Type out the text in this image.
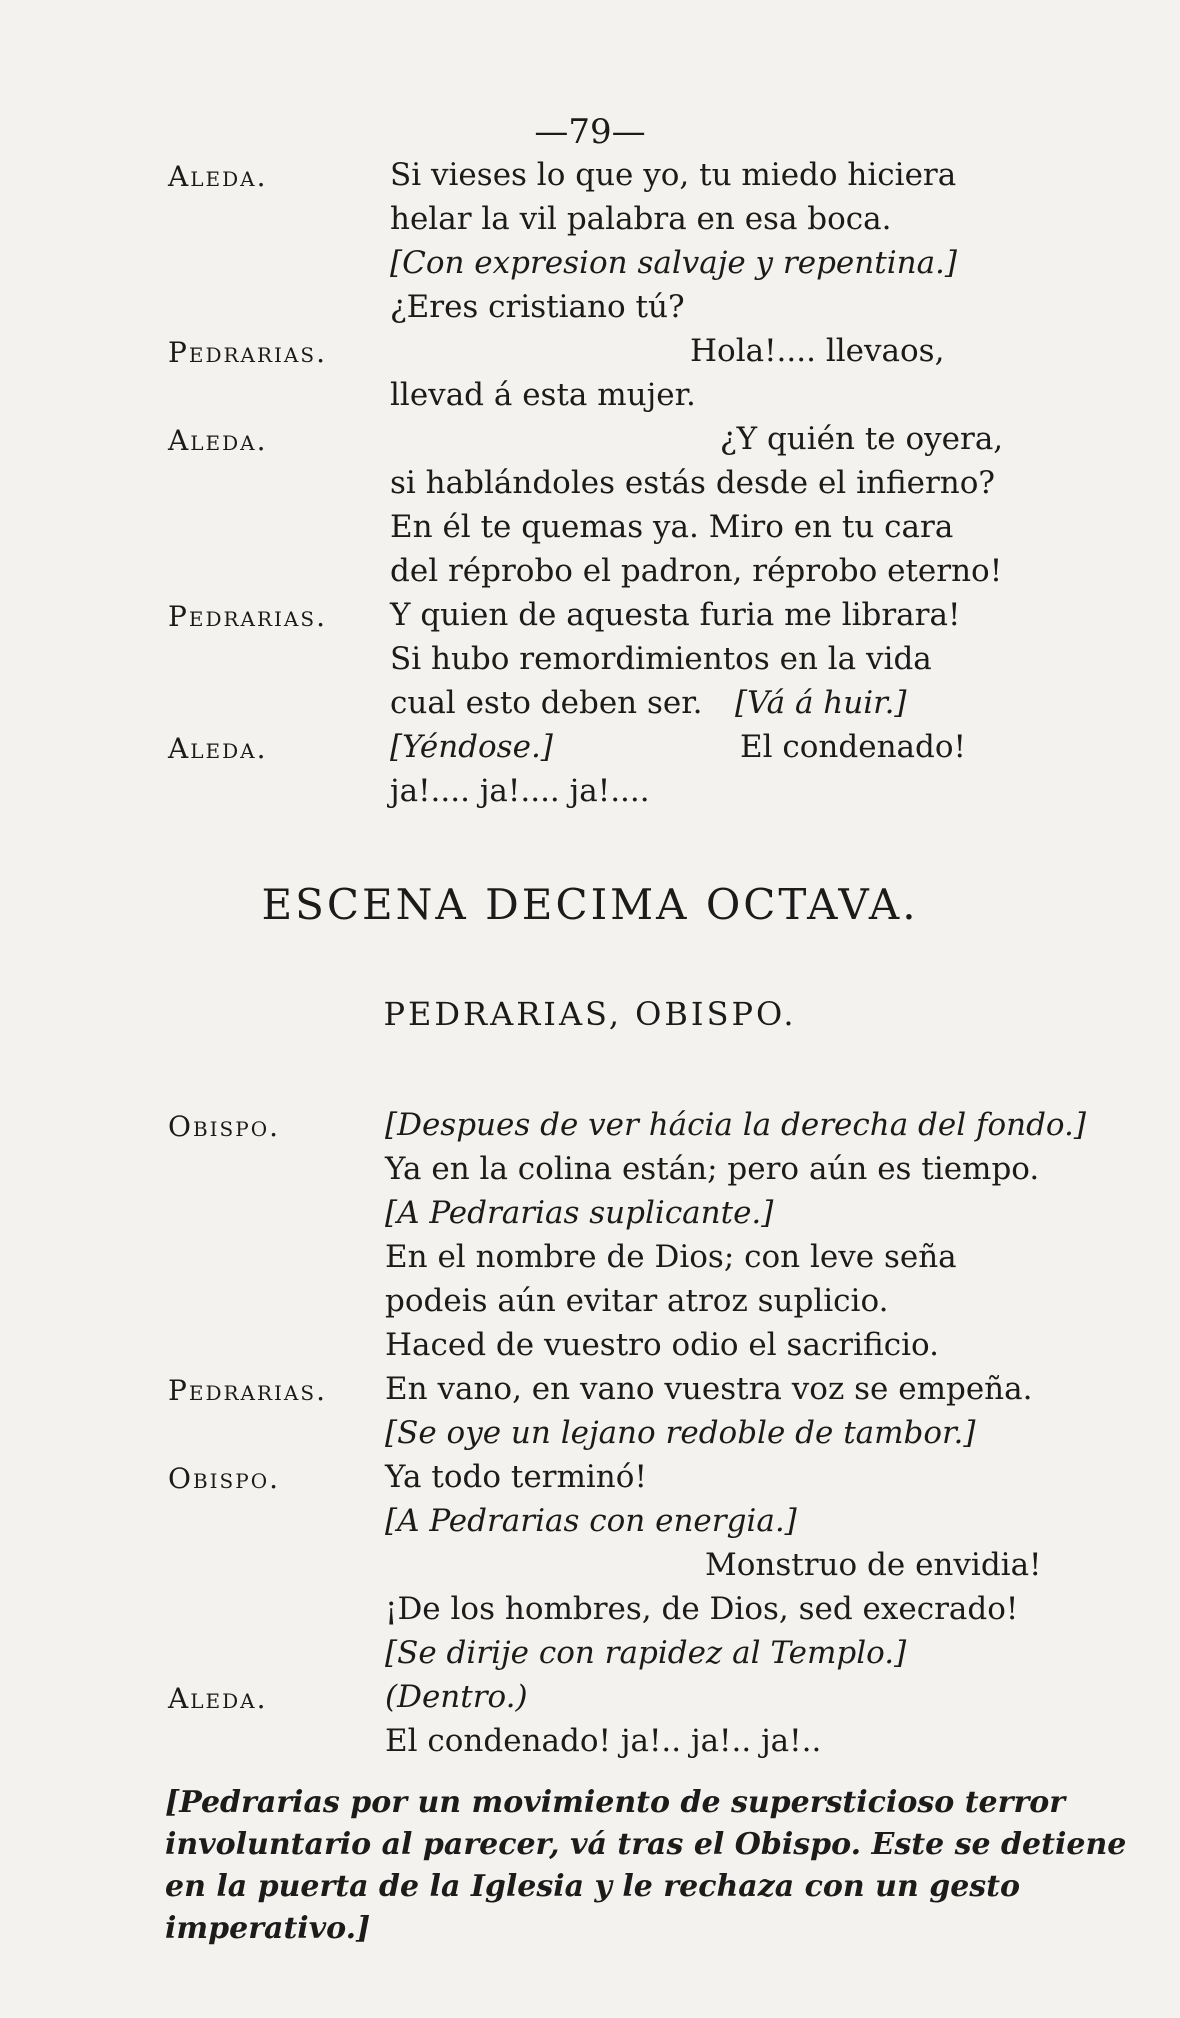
—79—
Aleda.	Si vieses lo que yo, tu miedo hiciera
helar la vil palabra en esa boca.
[Con expresion salvaje y repentina.]
¿Eres cristiano tú?
Pedrarias.	Hola!.... llevaos,
llevad á esta mujer.
Aleda.	¿Y quién te oyera,
si hablándoles estás desde el infierno?
En él te quemas ya. Miro en tu cara
del réprobo el padron, réprobo eterno!
Pedrarias. Y quien de aquesta furia me librara!
Si hubo remordimientos en la vida
cual esto deben ser. [Vá á huir.]
Aleda.	[Yéndose.]	El condenado!
ja!.... ja!.... ja!....
ESCENA DECIMA OCTAVA.
PEDRARIAS, OBISPO.
Obispo.	[Despues de ver hácia la derecha del fondo.]
Ya en la colina están; pero aún es tiempo.
[A Pedrarias suplicante.]
En el nombre de Dios; con leve seña
podeis aún evitar atroz suplicio.
Haced de vuestro odio el sacrificio.
Pedrarias. En vano, en vano vuestra voz se empeña.
[Se oye un lejano redoble de tambor.]
Obispo.	Ya todo terminó!
[A Pedrarias con energia.]
Monstruo de envidia!
¡De los hombres, de Dios, sed execrado!
[Se dirije con rapidez al Templo.]
Aleda.	(Dentro.)
El condenado! ja!.. ja!.. ja!..
[Pedrarias por un movimiento de supersticioso terror involuntario al parecer, vá tras el Obispo. Este se detiene en la puerta de la Iglesia y le rechaza con un gesto imperativo.]
